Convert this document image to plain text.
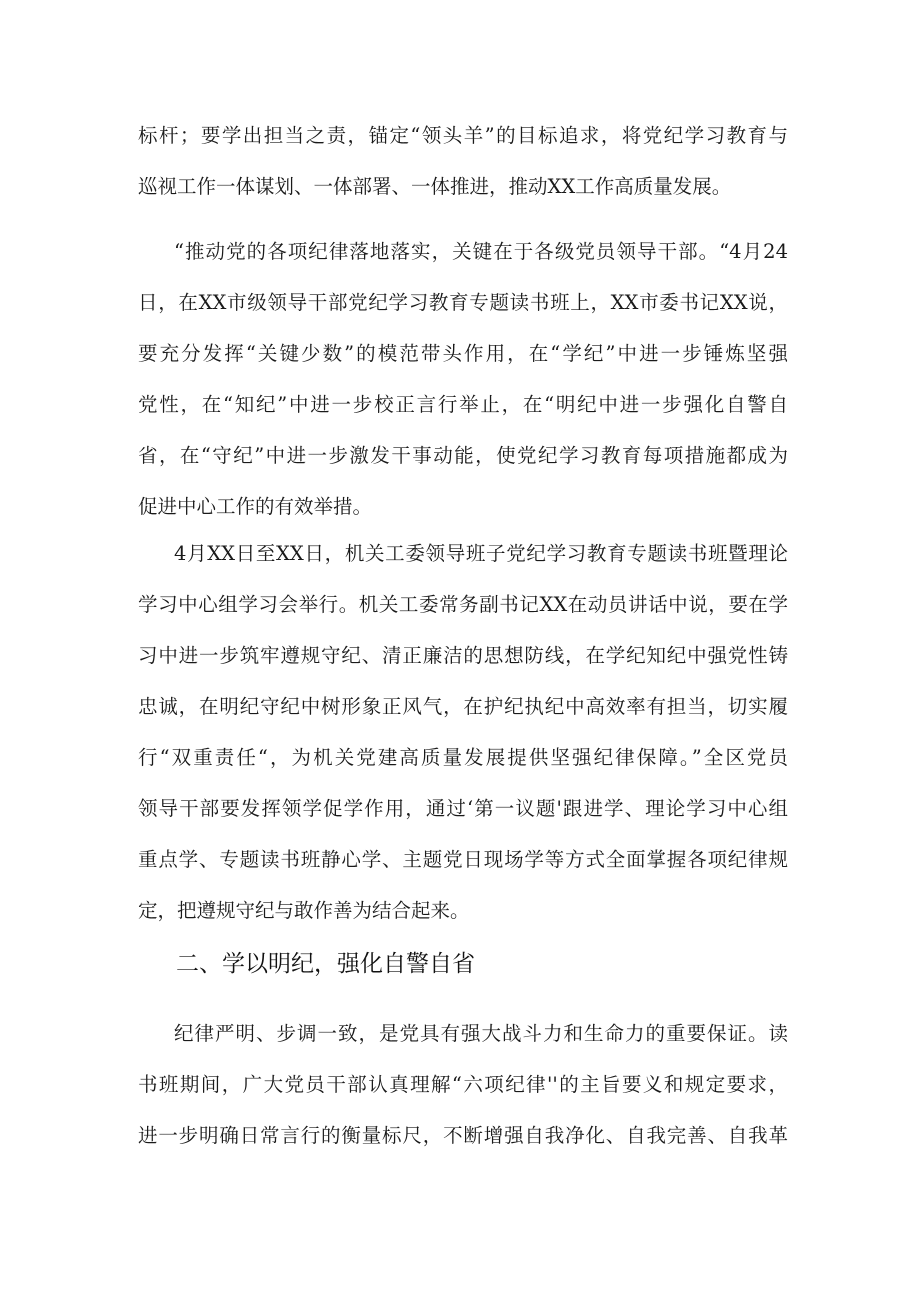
标杆；要学出担当之责，锚定“领头羊”的目标追求，将党纪学习教育与
巡视工作一体谋划、一体部署、一体推进，推动XX工作高质量发展。
“推动党的各项纪律落地落实，关键在于各级党员领导干部。“4月24
日，在XX市级领导干部党纪学习教育专题读书班上，XX市委书记XX说，
要充分发挥“关键少数”的模范带头作用，在“学纪”中进一步锤炼坚强
党性，在“知纪”中进一步校正言行举止，在“明纪中进一步强化自警自
省，在“守纪”中进一步激发干事动能，使党纪学习教育每项措施都成为
促进中心工作的有效举措。
4月XX日至XX日，机关工委领导班子党纪学习教育专题读书班暨理论
学习中心组学习会举行。机关工委常务副书记XX在动员讲话中说，要在学
习中进一步筑牢遵规守纪、清正廉洁的思想防线，在学纪知纪中强党性铸
忠诚，在明纪守纪中树形象正风气，在护纪执纪中高效率有担当，切实履
行“双重责任“，为机关党建高质量发展提供坚强纪律保障。”全区党员
领导干部要发挥领学促学作用，通过‘第一议题'跟进学、理论学习中心组
重点学、专题读书班静心学、主题党日现场学等方式全面掌握各项纪律规
定，把遵规守纪与敢作善为结合起来。
二、学以明纪，强化自警自省
纪律严明、步调一致，是党具有强大战斗力和生命力的重要保证。读
书班期间，广大党员干部认真理解“六项纪律''的主旨要义和规定要求，
进一步明确日常言行的衡量标尺，不断增强自我净化、自我完善、自我革
